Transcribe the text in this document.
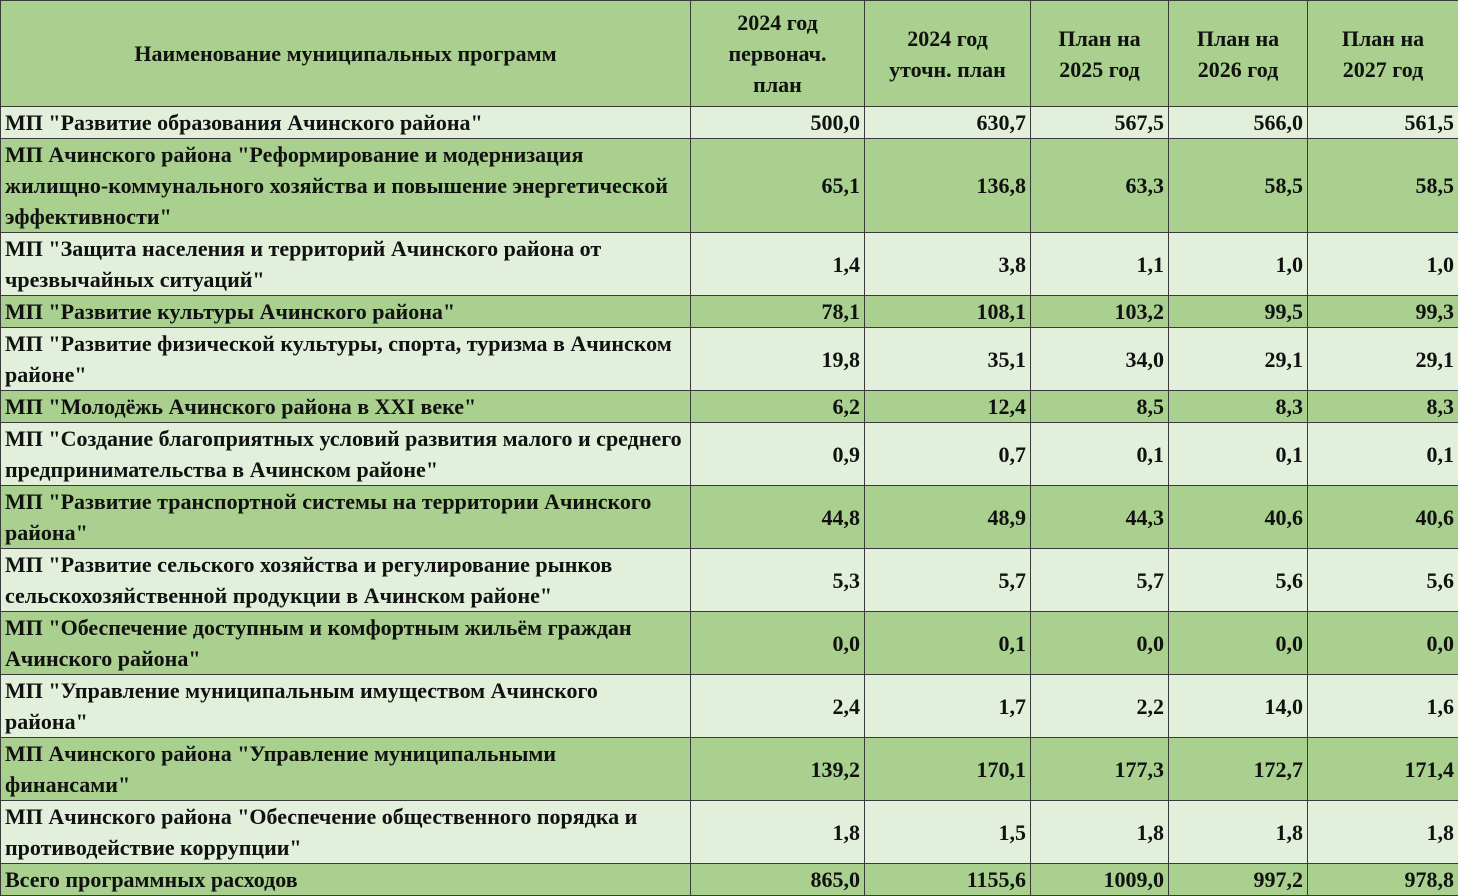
Наименование муниципальных программ	2024 год
первонач.
план	2024 год
уточн. план	План на
2025 год	План на
2026 год	План на
2027 год
МП "Развитие образования Ачинского района"	500,0	630,7	567,5	566,0	561,5
МП Ачинского района "Реформирование и модернизация жилищно-коммунального хозяйства и повышение энергетической эффективности"	65,1	136,8	63,3	58,5	58,5
МП "Защита населения и территорий Ачинского района от чрезвычайных ситуаций"	1,4	3,8	1,1	1,0	1,0
МП "Развитие культуры Ачинского района"	78,1	108,1	103,2	99,5	99,3
МП "Развитие физической культуры, спорта, туризма в Ачинском районе"	19,8	35,1	34,0	29,1	29,1
МП "Молодёжь Ачинского района в XXI веке"	6,2	12,4	8,5	8,3	8,3
МП "Создание благоприятных условий развития малого и среднего предпринимательства в Ачинском районе"	0,9	0,7	0,1	0,1	0,1
МП "Развитие транспортной системы на территории Ачинского района"	44,8	48,9	44,3	40,6	40,6
МП "Развитие сельского хозяйства и регулирование рынков сельскохозяйственной продукции в Ачинском районе"	5,3	5,7	5,7	5,6	5,6
МП "Обеспечение доступным и комфортным жильём граждан Ачинского района"	0,0	0,1	0,0	0,0	0,0
МП "Управление муниципальным имуществом Ачинского района"	2,4	1,7	2,2	14,0	1,6
МП Ачинского района "Управление муниципальными финансами"	139,2	170,1	177,3	172,7	171,4
МП Ачинского района "Обеспечение общественного порядка и противодействие коррупции"	1,8	1,5	1,8	1,8	1,8
Всего программных расходов	865,0	1155,6	1009,0	997,2	978,8
